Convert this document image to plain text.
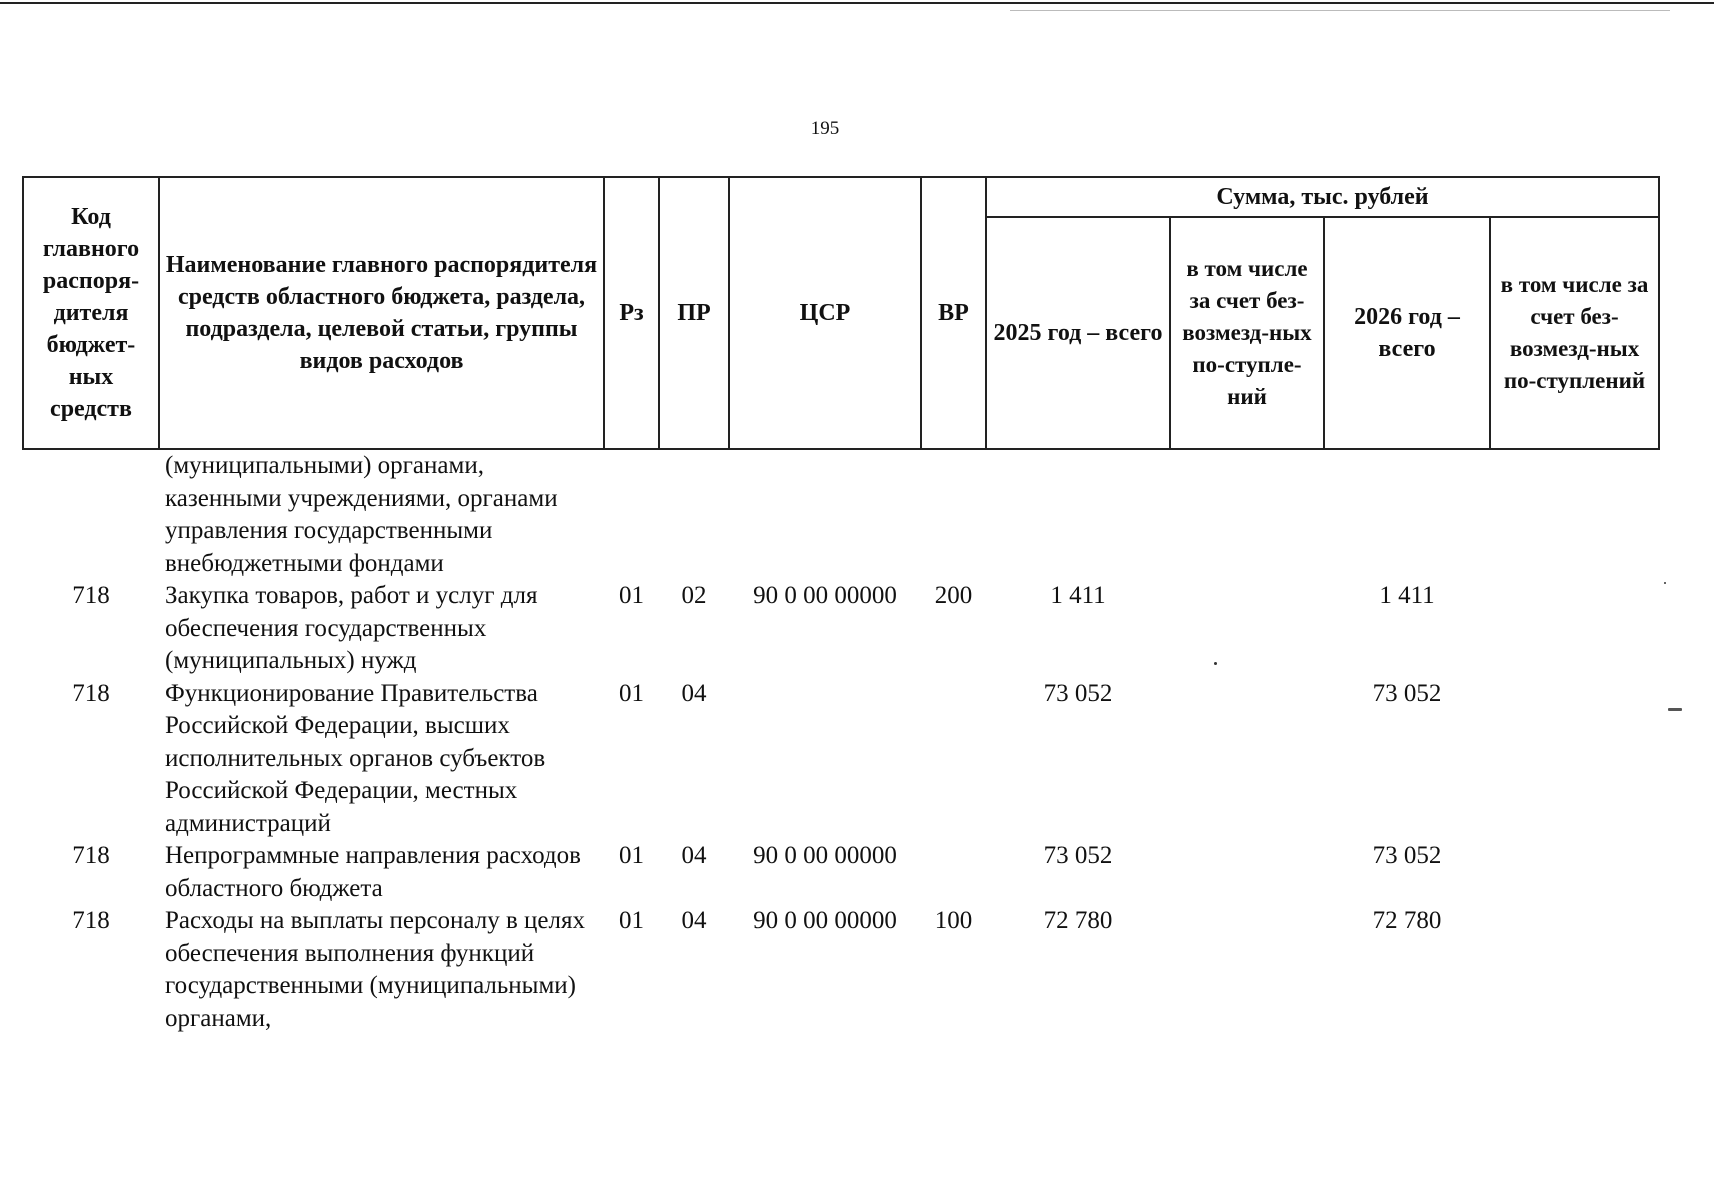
195
Код главного распоря-дителя бюджет-ных средств	Наименование главного распорядителя средств областного бюджета, раздела, подраздела, целевой статьи, группы видов расходов	Рз	ПР	ЦСР	ВР	Сумма, тыс. рублей			
						2025 год – всего	в том числе за счет без-возмезд-ных по-ступле-ний	2026 год – всего	в том числе за счет без-возмезд-ных по-ступлений
	(муниципальными) органами, казенными учреждениями, органами управления государственными внебюджетными фондами								
718	Закупка товаров, работ и услуг для обеспечения государственных (муниципальных) нужд	01	02	90 0 00 00000	200	1 411		1 411	
718	Функционирование Правительства Российской Федерации, высших исполнительных органов субъектов Российской Федерации, местных администраций	01	04			73 052		73 052	
718	Непрограммные направления расходов областного бюджета	01	04	90 0 00 00000		73 052		73 052	
718	Расходы на выплаты персоналу в целях обеспечения выполнения функций государственными (муниципальными) органами,	01	04	90 0 00 00000	100	72 780		72 780	
